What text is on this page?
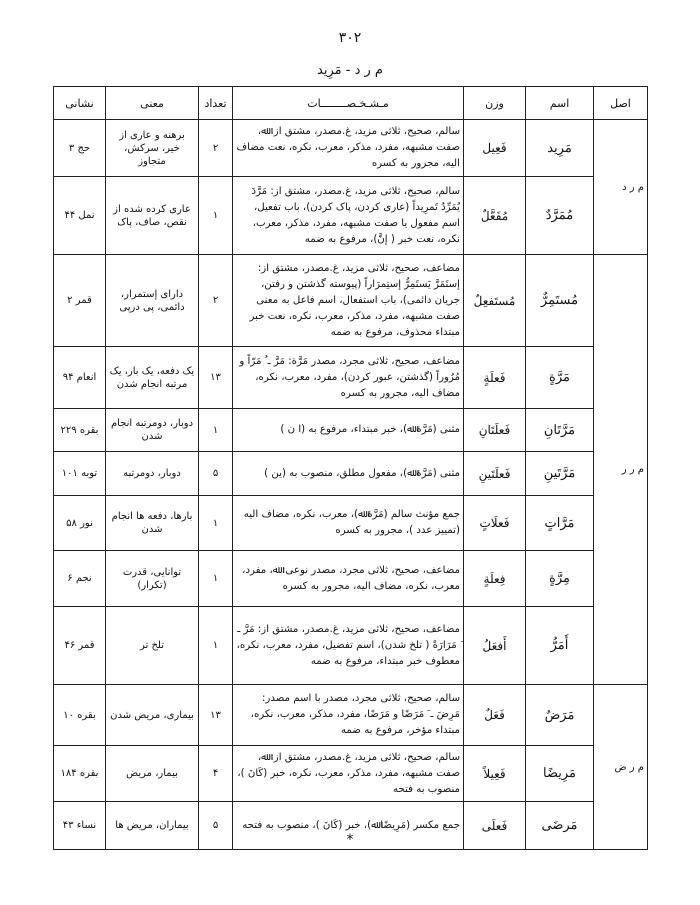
۳۰۲
م ر د - مَرِید
اصل	اسم	وزن	مـشـخـصــــــــات	تعداد	معنی	نشانی
م ر د	مَرِید	فَعِیل	سالم، صحیح، ثلاثی مزید، غ.مصدر، مشتق از: ﷲ، صفت مشبهه، مفرد، مذکر، معرب، نکره، نعت مضاف الیه، مجرور به کسره	۲	برهنه و عاری از خیر، سرکش، متجاوز	حج ۳
	مُمَرَّدٌ	مُفَعَّلٌ	سالم، صحیح، ثلاثی مزید، غ.مصدر، مشتق از: مَرَّدَ یُمَرِّدُ تَمرِیداً (عاری کردن، پاک کردن)، باب تفعیل، اسم مفعول یا صفت مشبهه، مفرد، مذکر، معرب، نکره، نعت خبر ( إنَّ)، مرفوع به ضمه	۱	عاری کرده شده از نقص، صاف، پاک	نمل ۴۴
م ر ر	مُستَمِرٌّ	مُستَفعِلٌ	مضاعف، صحیح، ثلاثی مزید، غ.مصدر، مشتق از: إستَمَرَّ یَستَمِرُّ إستِمرَاراً (پیوسته گذشتن و رفتن، جریان دائمی)، باب استفعال، اسم فاعل به معنی صفت مشبهه، مفرد، مذکر، معرب، نکره، نعت خبر مبتداء محذوف، مرفوع به ضمه	۲	دارای إستمرار، دائمی، پی درپی	قمر ۲
	مَرَّةٍ	فَعلَةٍ	مضاعف، صحیح، ثلاثی مجرد، مصدر مَرَّة: مَرَّ ـ ُ مَرّاً و مُرُوراً (گذشتن، عبور کردن)، مفرد، معرب، نکره، مضاف الیه، مجرور به کسره	۱۳	یک دفعه، یک بار، یک مرتبه انجام شدن	انعام ۹۴
	مَرَّتَانِ	فَعلَتَانِ	مثنی (مَرَّة ﷲ)، خبر مبتداء، مرفوع به (ا ن )	۱	دوبار، دومرتبه انجام شدن	بقره ۲۲۹
	مَرَّتَینِ	فَعلَتَینِ	مثنی (مَرَّة ﷲ)، مفعول مطلق، منصوب به (ین )	۵	دوبار، دومرتبه	توبه ۱۰۱
	مَرَّاتٍ	فَعلَاتٍ	جمع مؤنث سالم (مَرَّة ﷲ)، معرب، نکره، مضاف الیه (تمییز عدد )، مجرور به کسره	۱	بارها، دفعه ها انجام شدن	نور ۵۸
	مِرَّةٍ	فِعلَةٍ	مضاعف، صحیح، ثلاثی مجرد، مصدر نوعی: ﷲ، مفرد، معرب، نکره، مضاف الیه، مجرور به کسره	۱	توانایی، قدرت (تکرار)	نجم ۶
	أَمَرُّ	أَفعَلُ	مضاعف، صحیح، ثلاثی مزید، غ.مصدر، مشتق از: مَرَّ ـ َ مَرَارَةً ( تلخ شدن)، اسم تفضیل، مفرد، معرب، نکره، معطوف خبر مبتداء، مرفوع به ضمه	۱	تلخ تر	قمر ۴۶
م ر ض	مَرَضٌ	فَعَلٌ	سالم، صحیح، ثلاثی مجرد، مصدر با اسم مصدر: مَرِضَ ـ َ مَرَضًا و مَرَضًا، مفرد، مذکر، معرب، نکره، مبتداء مؤخر، مرفوع به ضمه	۱۳	بیماری، مریض شدن	بقره ۱۰
	مَرِیضًا	فَعِیلاً	سالم، صحیح، ثلاثی مزید، غ.مصدر، مشتق از: ﷲ، صفت مشبهه، مفرد، مذکر، معرب، نکره، خبر (کَانَ )، منصوب به فتحه	۴	بیمار، مریض	بقره ۱۸۴
	مَرضَی	فَعلَی	جمع مکسر (مَرِیضًا ﷲ)، خبر (کَانَ )، منصوب به فتحه	۵	بیماران، مریض ها	نساء ۴۳
*
